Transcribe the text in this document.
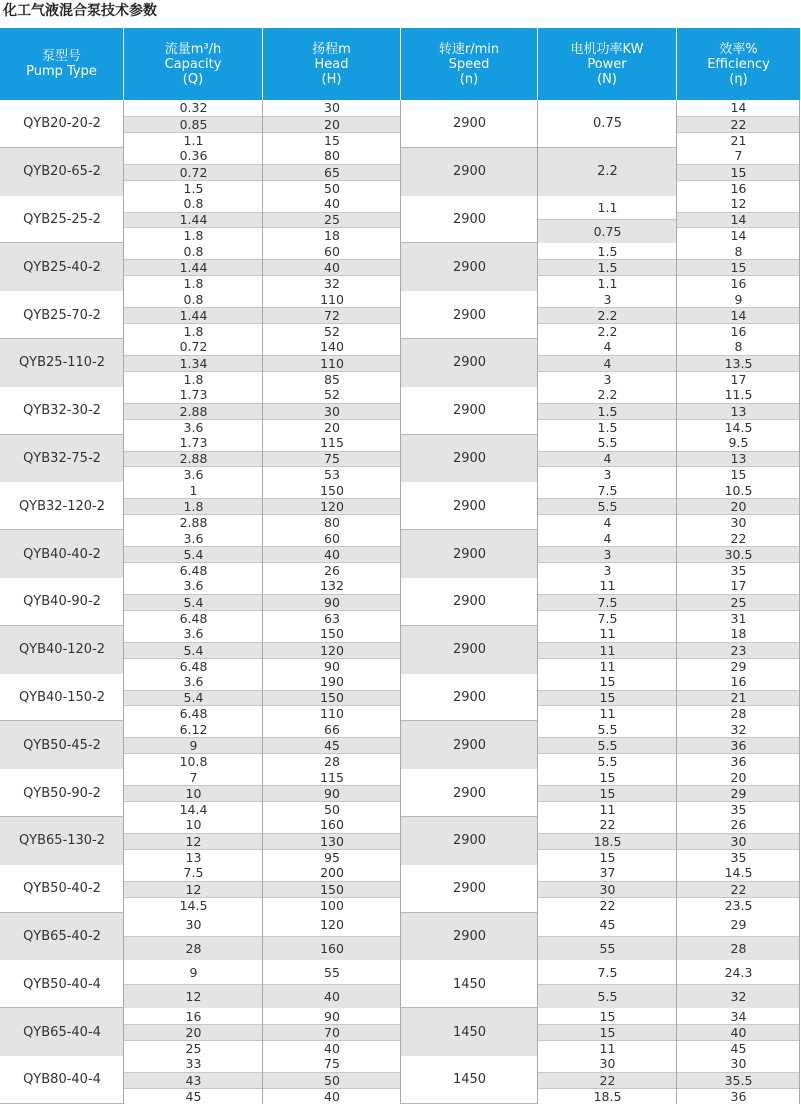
化工气液混合泵技术参数
泵型号
Pump Type
流量m³/h
Capacity
(Q)
扬程m
Head
(H)
转速r/min
Speed
(n)
电机功率KW
Power
(N)
效率%
Efficiency
(η)
QYB20-20-2
0.32
0.85
1.1
30
20
15
2900	0.75
14
22
21
QYB20-65-2
0.36
0.72
1.5
80
65
50
2900	2.2
7
15
16
QYB25-25-2
0.8
1.44
1.8
40
25
18
2900
1.1
0.75
12
14
14
QYB25-40-2
0.8
1.44
1.8
60
40
32
2900
1.5
1.5
1.1
8
15
16
QYB25-70-2
0.8
1.44
1.8
110
72
52
2900
3
2.2
2.2
9
14
16
QYB25-110-2
0.72
1.34
1.8
140
110
85
2900
4
4
3
8
13.5
17
QYB32-30-2
1.73
2.88
3.6
52
30
20
2900
2.2
1.5
1.5
11.5
13
14.5
QYB32-75-2
1.73
2.88
3.6
115
75
53
2900
5.5
4
3
9.5
13
15
QYB32-120-2
1
1.8
2.88
150
120
80
2900
7.5
5.5
4
10.5
20
30
QYB40-40-2
3.6
5.4
6.48
60
40
26
2900
4
3
3
22
30.5
35
QYB40-90-2
3.6
5.4
6.48
132
90
63
2900
11
7.5
7.5
17
25
31
QYB40-120-2
3.6
5.4
6.48
150
120
90
2900
11
11
11
18
23
29
QYB40-150-2
3.6
5.4
6.48
190
150
110
2900
15
15
11
16
21
28
QYB50-45-2
6.12
9
10.8
66
45
28
2900
5.5
5.5
5.5
32
36
36
QYB50-90-2
7
10
14.4
115
90
50
2900
15
15
11
20
29
35
QYB65-130-2
10
12
13
160
130
95
2900
22
18.5
15
26
30
35
QYB50-40-2
7.5
12
14.5
200
150
100
2900
37
30
22
14.5
22
23.5
QYB65-40-2
30
28
120
160
2900
45
55
29
28
QYB50-40-4
9
12
55
40
1450
7.5
5.5
24.3
32
QYB65-40-4
16
20
25
90
70
40
1450
15
15
11
34
40
45
QYB80-40-4
33
43
45
75
50
40
1450
30
22
18.5
30
35.5
36
